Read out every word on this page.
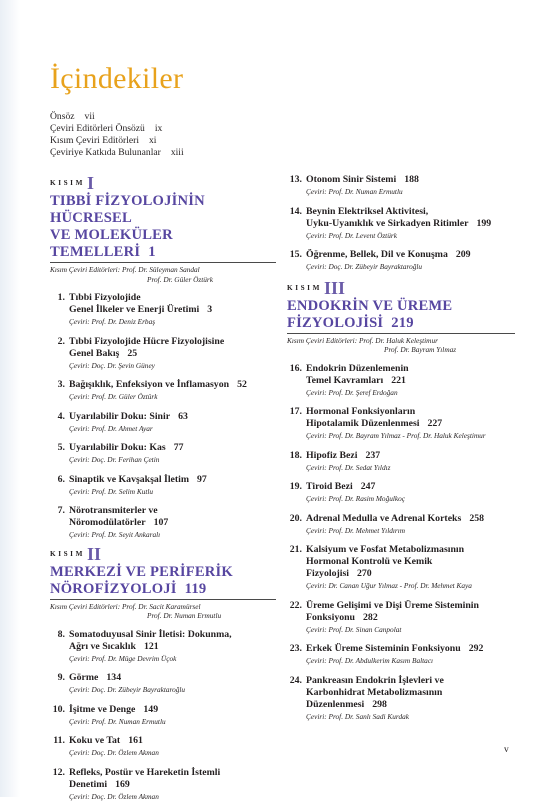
İçindekiler
Önsöz vii
Çeviri Editörleri Önsözü ix
Kısım Çeviri Editörleri xi
Çeviriye Katkıda Bulunanlar xiii
KISIM I
TIBBİ FİZYOLOJİNİN HÜCRESEL
VE MOLEKÜLER TEMELLERİ 1
Kısım Çeviri Editörleri: Prof. Dr. Süleyman Sandal
Prof. Dr. Güler Öztürk
1. Tıbbi Fizyolojide
Genel İlkeler ve Enerji Üretimi 3
Çeviri: Prof. Dr. Deniz Erbaş
2. Tıbbi Fizyolojide Hücre Fizyolojisine
Genel Bakış 25
Çeviri: Doç. Dr. Şevin Güney
3. Bağışıklık, Enfeksiyon ve İnflamasyon 52
Çeviri: Prof. Dr. Güler Öztürk
4. Uyarılabilir Doku: Sinir 63
Çeviri: Prof. Dr. Ahmet Ayar
5. Uyarılabilir Doku: Kas 77
Çeviri: Doç. Dr. Ferihan Çetin
6. Sinaptik ve Kavşakşal İletim 97
Çeviri: Prof. Dr. Selim Kutlu
7. Nörotransmiterler ve
Nöromodülatörler 107
Çeviri: Prof. Dr. Seyit Ankaralı
KISIM II
MERKEZİ VE PERİFERİK
NÖROFİZYOLOJİ 119
Kısım Çeviri Editörleri: Prof. Dr. Sacit Karamürsel
Prof. Dr. Numan Ermutlu
8. Somatoduyusal Sinir İletisi: Dokunma,
Ağrı ve Sıcaklık 121
Çeviri: Prof. Dr. Müge Devrim Üçok
9. Görme 134
Çeviri: Doç. Dr. Zübeyir Bayraktaroğlu
10. İşitme ve Denge 149
Çeviri: Prof. Dr. Numan Ermutlu
11. Koku ve Tat 161
Çeviri: Doç. Dr. Özlem Akman
12. Refleks, Postür ve Hareketin İstemli
Denetimi 169
Çeviri: Doç. Dr. Özlem Akman
13. Otonom Sinir Sistemi 188
Çeviri: Prof. Dr. Numan Ermutlu
14. Beynin Elektriksel Aktivitesi,
Uyku-Uyanıklık ve Sirkadyen Ritimler 199
Çeviri: Prof. Dr. Levent Öztürk
15. Öğrenme, Bellek, Dil ve Konuşma 209
Çeviri: Doç. Dr. Zübeyir Bayraktaroğlu
KISIM III
ENDOKRİN VE ÜREME
FİZYOLOJİSİ 219
Kısım Çeviri Editörleri: Prof. Dr. Haluk Keleştimur
Prof. Dr. Bayram Yılmaz
16. Endokrin Düzenlemenin
Temel Kavramları 221
Çeviri: Prof. Dr. Şeref Erdoğan
17. Hormonal Fonksiyonların
Hipotalamik Düzenlenmesi 227
Çeviri: Prof. Dr. Bayram Yılmaz - Prof. Dr. Haluk Keleştimur
18. Hipofiz Bezi 237
Çeviri: Prof. Dr. Sedat Yıldız
19. Tiroid Bezi 247
Çeviri: Prof. Dr. Rasim Moğulkoç
20. Adrenal Medulla ve Adrenal Korteks 258
Çeviri: Prof. Dr. Mehmet Yıldırım
21. Kalsiyum ve Fosfat Metabolizmasının
Hormonal Kontrolü ve Kemik
Fizyolojisi 270
Çeviri: Dr. Canan Uğur Yılmaz - Prof. Dr. Mehmet Kaya
22. Üreme Gelişimi ve Dişi Üreme Sisteminin
Fonksiyonu 282
Çeviri: Prof. Dr. Sinan Canpolat
23. Erkek Üreme Sisteminin Fonksiyonu 292
Çeviri: Prof. Dr. Abdulkerim Kasım Baltacı
24. Pankreasın Endokrin İşlevleri ve
Karbonhidrat Metabolizmasının
Düzenlenmesi 298
Çeviri: Prof. Dr. Sanlı Sadi Kurdak
v
